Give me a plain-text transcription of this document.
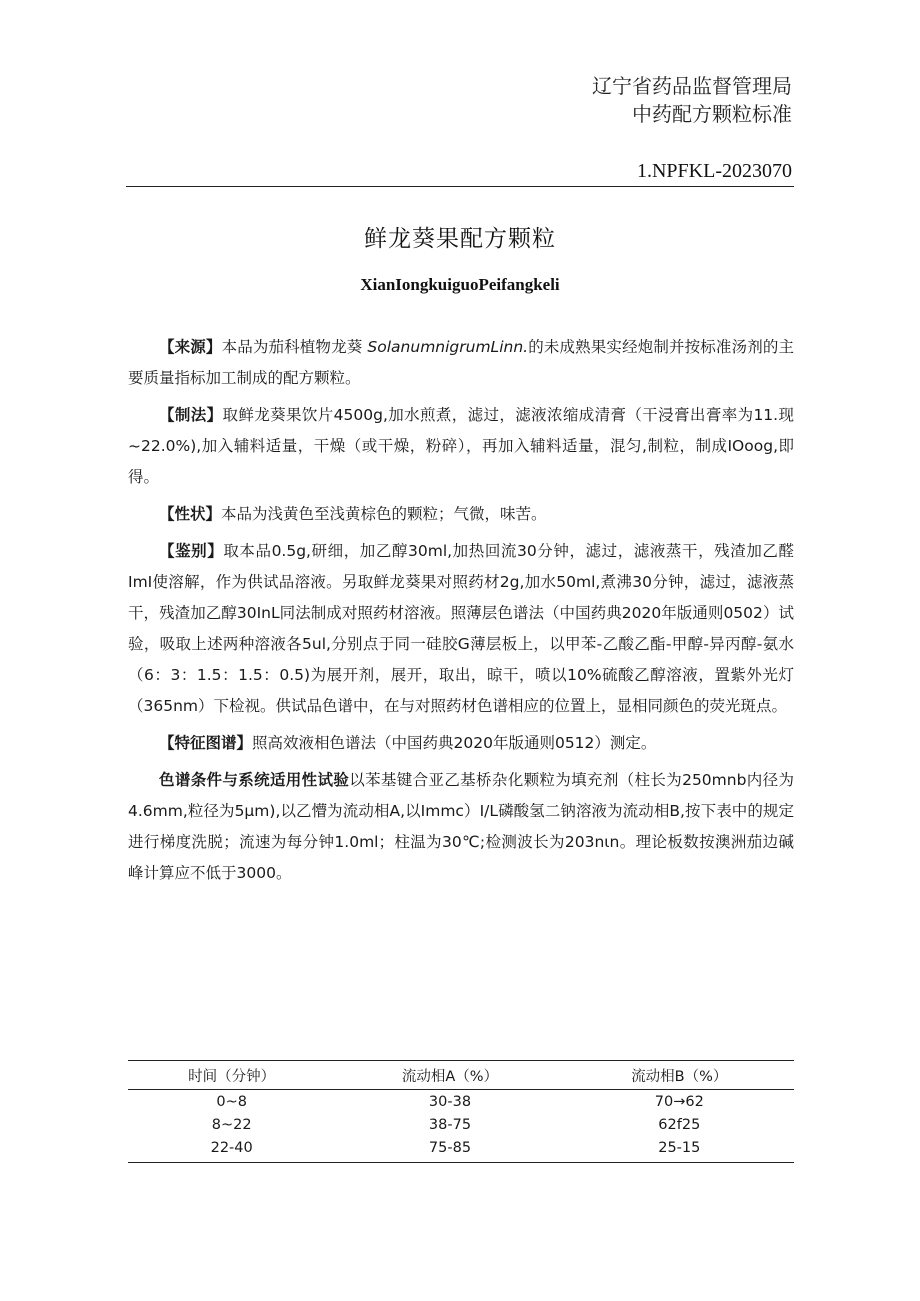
辽宁省药品监督管理局
中药配方颗粒标准
1.NPFKL-2023070
鲜龙葵果配方颗粒
XianIongkuiguoPeifangkeli

【来源】本品为茄科植物龙葵 SolanumnigrumLinn.的未成熟果实经炮制并按标准汤剂的主要质量指标加工制成的配方颗粒。

【制法】取鲜龙葵果饮片4500g,加水煎煮，滤过，滤液浓缩成清膏（干浸膏出膏率为11.现~22.0%),加入辅料适量，干燥（或干燥，粉碎），再加入辅料适量，混匀,制粒，制成IOoog,即得。

【性状】本品为浅黄色至浅黄棕色的颗粒；气微，味苦。

【鉴别】取本品0.5g,研细，加乙醇30ml,加热回流30分钟，滤过，滤液蒸干，残渣加乙醛ImI使溶解，作为供试品溶液。另取鲜龙葵果对照药材2g,加水50ml,煮沸30分钟，滤过，滤液蒸干，残渣加乙醇30InL同法制成对照药材溶液。照薄层色谱法（中国药典2020年版通则0502）试验，吸取上述两种溶液各5ul,分别点于同一硅胶G薄层板上，以甲苯-乙酸乙酯-甲醇-异丙醇-氨水（6：3：1.5：1.5：0.5)为展开剂，展开，取出，晾干，喷以10%硫酸乙醇溶液，置紫外光灯（365nm）下检视。供试品色谱中，在与对照药材色谱相应的位置上，显相同颜色的荧光斑点。

【特征图谱】照高效液相色谱法（中国药典2020年版通则0512）测定。

色谱条件与系统适用性试验以苯基键合亚乙基桥杂化颗粒为填充剂（柱长为250mnb内径为4.6mm,粒径为5μm),以乙懵为流动相A,以Immc）I/L磷酸氢二钠溶液为流动相B,按下表中的规定进行梯度洗脱；流速为每分钟1.0ml；柱温为30℃;检测波长为203nιn。理论板数按澳洲茄边碱峰计算应不低于3000。

时间（分钟）	流动相A（%）	流动相B（%）
0~8	30-38	70→62
8~22	38-75	62f25
22-40	75-85	25-15
